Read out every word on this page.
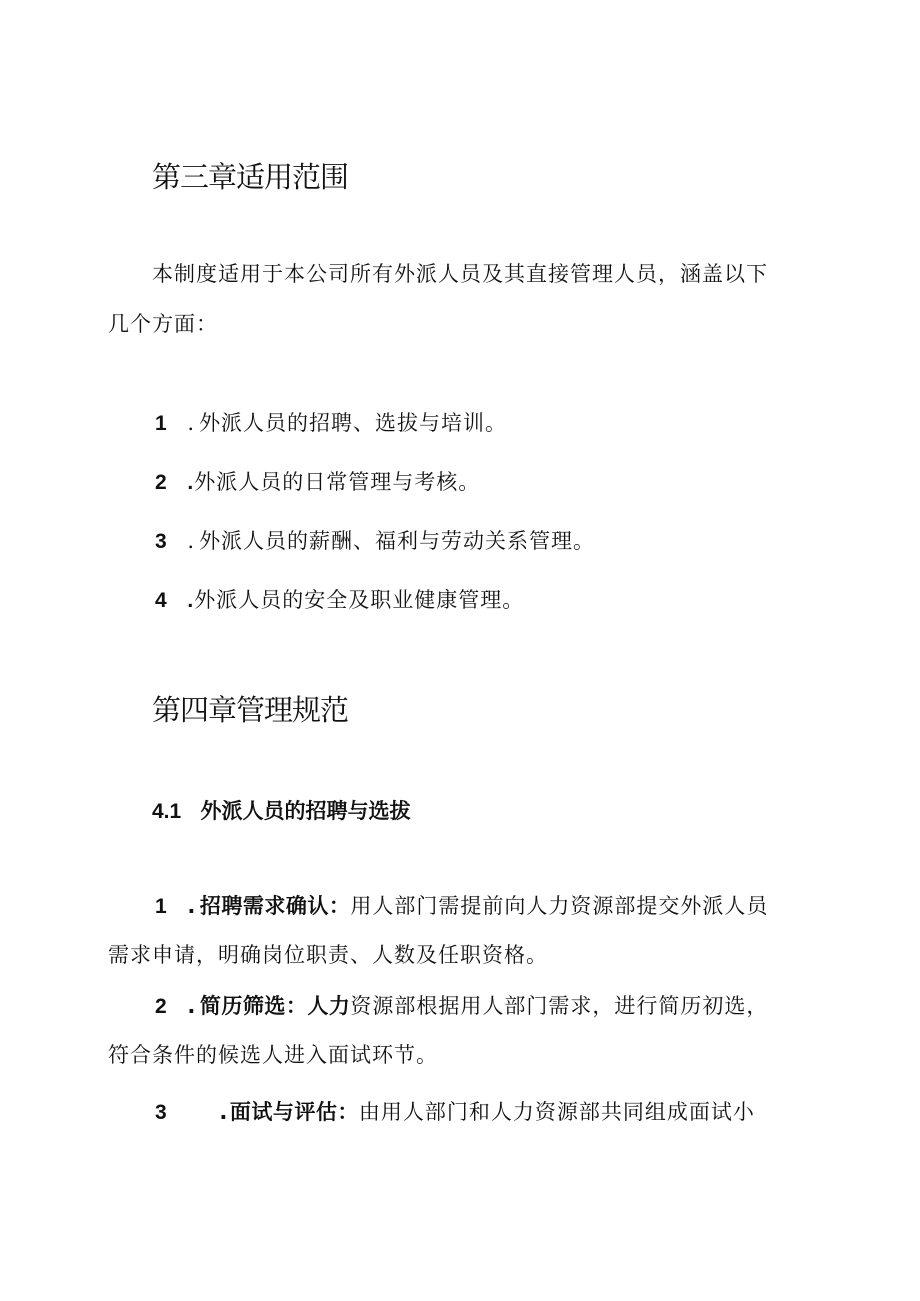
第三章适用范围
本制度适用于本公司所有外派人员及其直接管理人员，涵盖以下
几个方面：
1 . 外派人员的招聘、选拔与培训。
2 .外派人员的日常管理与考核。
3 . 外派人员的薪酬、福利与劳动关系管理。
4 .外派人员的安全及职业健康管理。
第四章管理规范
4.1 外派人员的招聘与选拔
1 . 招聘需求确认：用人部门需提前向人力资源部提交外派人员
需求申请，明确岗位职责、人数及任职资格。
2 . 简历筛选：人力资源部根据用人部门需求，进行简历初选，
符合条件的候选人进入面试环节。
3 .面试与评估：由用人部门和人力资源部共同组成面试小
